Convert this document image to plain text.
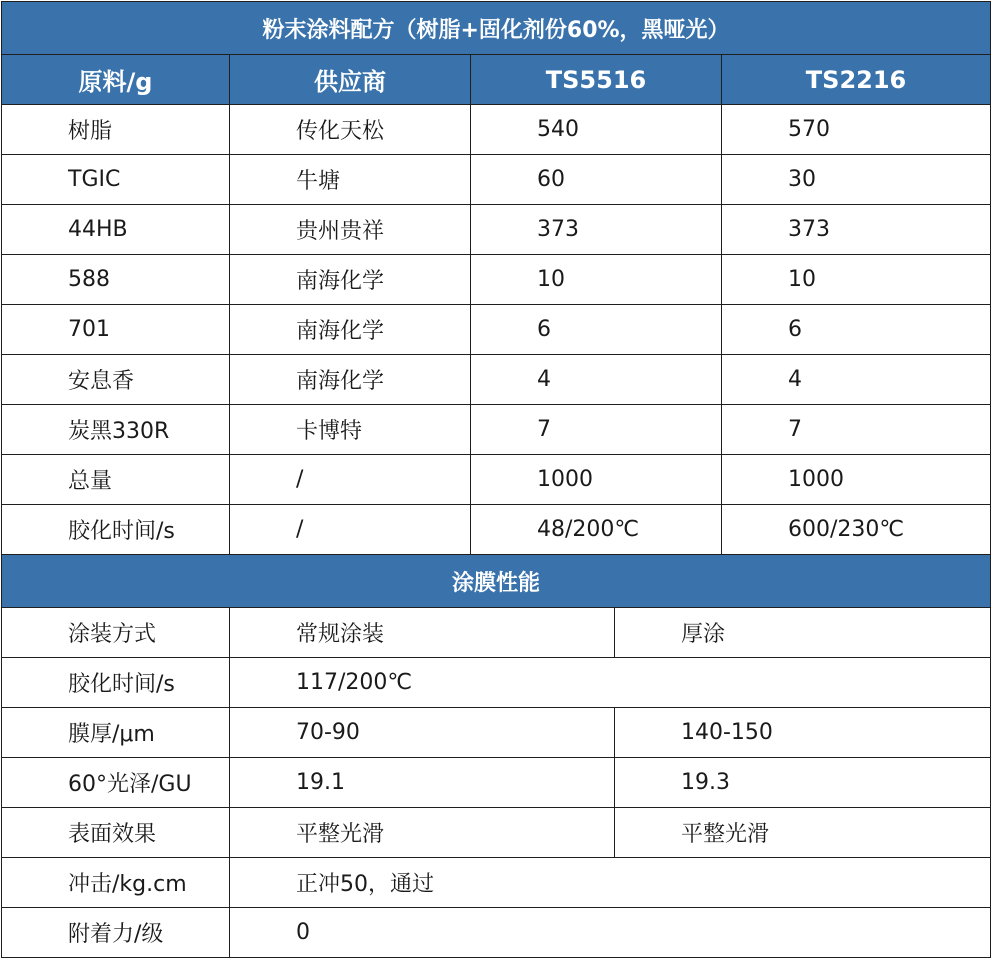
粉末涂料配方（树脂+固化剂份60%，黑哑光）				
原料/g	供应商	TS5516		TS2216
树脂	传化天松	540		570
TGIC	牛塘	60		30
44HB	贵州贵祥	373		373
588	南海化学	10		10
701	南海化学	6		6
安息香	南海化学	4		4
炭黑330R	卡博特	7		7
总量	/	1000		1000
胶化时间/s	/	48/200℃		600/230℃
涂膜性能				
涂装方式	常规涂装		厚涂	
胶化时间/s	117/200℃			
膜厚/μm	70-90		140-150	
60°光泽/GU	19.1		19.3	
表面效果	平整光滑		平整光滑	
冲击/kg.cm	正冲50，通过			
附着力/级	0			
